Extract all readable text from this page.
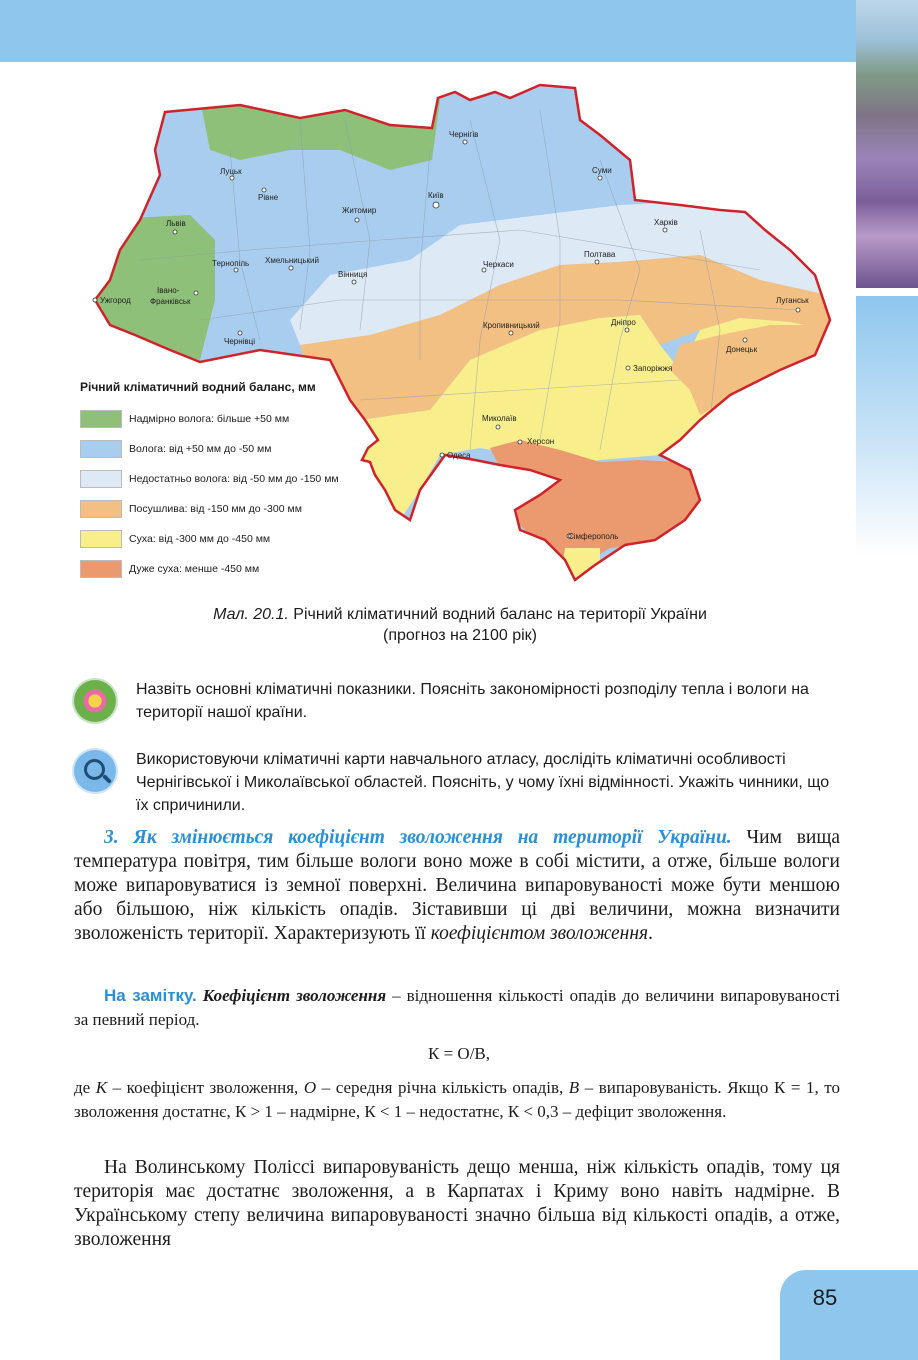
Чернігів
Суми
Луцьк
Рівне	Київ
Житомир
Харків
Львів
Полтава
Тернопіль Хмельницький	Черкаси
Вінниця
Ужгород
Івано-
Франківськ	Луганськ
Кропивницький	Дніпро
Чернівці
Донецьк
Запоріжжя
Миколаїв
Херсон
Одеса
Сімферополь
Річний кліматичний водний баланс, мм
Надмірно волога: більше +50 мм
Волога: від +50 мм до -50 мм
Недостатньо волога: від -50 мм до -150 мм
Посушлива: від -150 мм до -300 мм
Суха: від -300 мм до -450 мм
Дуже суха: менше -450 мм
Мал. 20.1. Річний кліматичний водний баланс на території України
(прогноз на 2100 рік)
Назвіть основні кліматичні показники. Поясніть закономірності розподілу тепла і вологи на території нашої країни.
Використовуючи кліматичні карти навчального атласу, дослідіть кліматичні особливості Чернігівської і Миколаївської областей. Поясніть, у чому їхні відмінності. Укажіть чинники, що їх спричинили.
3. Як змінюється коефіцієнт зволоження на території України. Чим вища температура повітря, тим більше вологи воно може в собі містити, а отже, більше вологи може випаровуватися із земної поверхні. Величина випаровуваності може бути меншою або більшою, ніж кількість опадів. Зіставивши ці дві величини, можна визначити зволоженість території. Характеризують її коефіцієнтом зволоження.
На замітку. Коефіцієнт зволоження – відношення кількості опадів до величини випаровуваності за певний період.
К = О/В,
де К – коефіцієнт зволоження, О – середня річна кількість опадів, В – випаровуваність. Якщо К = 1, то зволоження достатнє, К > 1 – надмірне, К < 1 – недостатнє, К < 0,3 – дефіцит зволоження.
На Волинському Поліссі випаровуваність дещо менша, ніж кількість опадів, тому ця територія має достатнє зволоження, а в Карпатах і Криму воно навіть надмірне. В Українському степу величина випаровуваності значно більша від кількості опадів, а отже, зволоження
85
